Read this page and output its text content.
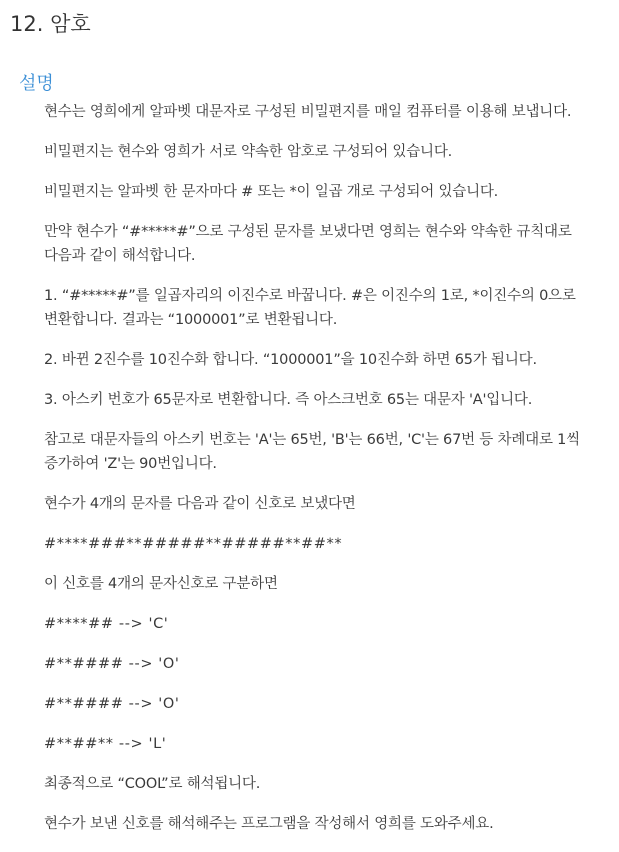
12. 암호
설명

현수는 영희에게 알파벳 대문자로 구성된 비밀편지를 매일 컴퓨터를 이용해 보냅니다.

비밀편지는 현수와 영희가 서로 약속한 암호로 구성되어 있습니다.

비밀편지는 알파벳 한 문자마다 # 또는 *이 일곱 개로 구성되어 있습니다.

만약 현수가 “#*****#”으로 구성된 문자를 보냈다면 영희는 현수와 약속한 규칙대로 다음과 같이 해석합니다.

1. “#*****#”를 일곱자리의 이진수로 바꿉니다. #은 이진수의 1로, *이진수의 0으로 변환합니다. 결과는 “1000001”로 변환됩니다.

2. 바뀐 2진수를 10진수화 합니다. “1000001”을 10진수화 하면 65가 됩니다.

3. 아스키 번호가 65문자로 변환합니다. 즉 아스크번호 65는 대문자 'A'입니다.

참고로 대문자들의 아스키 번호는 'A'는 65번, 'B'는 66번, 'C'는 67번 등 차례대로 1씩 증가하여 'Z'는 90번입니다.

현수가 4개의 문자를 다음과 같이 신호로 보냈다면

#****###**#####**#####**##**

이 신호를 4개의 문자신호로 구분하면

#****## --> 'C'

#**#### --> 'O'

#**#### --> 'O'

#**##** --> 'L'

최종적으로 “COOL”로 해석됩니다.

현수가 보낸 신호를 해석해주는 프로그램을 작성해서 영희를 도와주세요.
